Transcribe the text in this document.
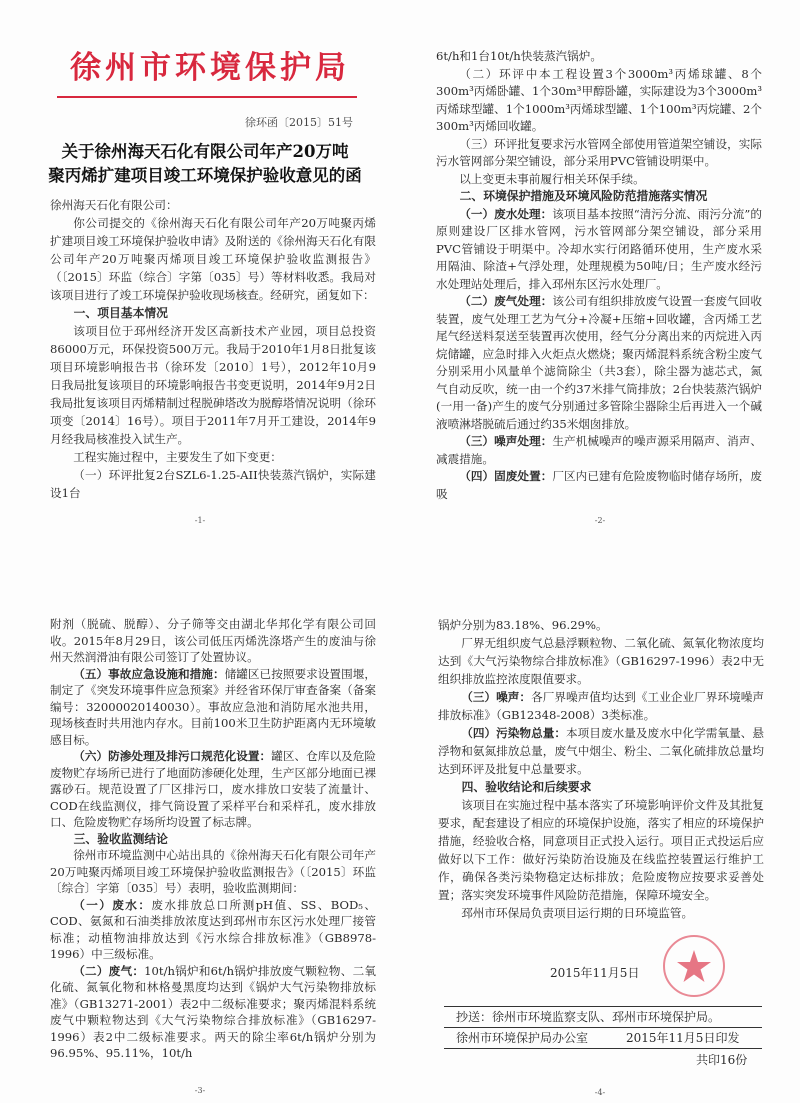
徐州市环境保护局
徐环函〔2015〕51号
关于徐州海天石化有限公司年产20万吨
聚丙烯扩建项目竣工环境保护验收意见的函

徐州海天石化有限公司：

你公司提交的《徐州海天石化有限公司年产20万吨聚丙烯扩建项目竣工环境保护验收申请》及附送的《徐州海天石化有限公司年产20万吨聚丙烯项目竣工环境保护验收监测报告》（〔2015〕环监（综合〕字第〔035〕号）等材料收悉。我局对该项目进行了竣工环境保护验收现场核查。经研究，函复如下：

一、项目基本情况

该项目位于邳州经济开发区高新技术产业园，项目总投资86000万元，环保投资500万元。我局于2010年1月8日批复该项目环境影响报告书（徐环发〔2010〕1号），2012年10月9日我局批复该项目的环境影响报告书变更说明，2014年9月2日我局批复该项目丙烯精制过程脱砷塔改为脱醇塔情况说明（徐环项变〔2014〕16号）。项目于2011年7月开工建设，2014年9月经我局核准投入试生产。

工程实施过程中，主要发生了如下变更：

（一）环评批复2台SZL6-1.25-AII快装蒸汽锅炉，实际建设1台

-1-

6t/h和1台10t/h快装蒸汽锅炉。

（二）环评中本工程设置3个3000m³丙烯球罐、8个300m³丙烯卧罐、1个30m³甲醇卧罐，实际建设为3个3000m³丙烯球型罐、1个1000m³丙烯球型罐、1个100m³丙烷罐、2个300m³丙烯回收罐。

（三）环评批复要求污水管网全部使用管道架空铺设，实际污水管网部分架空铺设，部分采用PVC管铺设明渠中。

以上变更未事前履行相关环保手续。

二、环境保护措施及环境风险防范措施落实情况

（一）废水处理：该项目基本按照“清污分流、雨污分流”的原则建设厂区排水管网，污水管网部分架空铺设，部分采用PVC管铺设于明渠中。冷却水实行闭路循环使用，生产废水采用隔油、除渣+气浮处理，处理规模为50吨/日；生产废水经污水处理站处理后，排入邳州东区污水处理厂。

（二）废气处理：该公司有组织排放废气设置一套废气回收装置，废气处理工艺为气分+冷凝+压缩+回收罐，含丙烯工艺尾气经送料泵送至装置再次使用，经气分分离出来的丙烷进入丙烷储罐，应急时排入火炬点火燃烧；聚丙烯混料系统含粉尘废气分别采用小风量单个滤筒除尘（共3套），除尘器为滤芯式，氮气自动反吹，统一由一个约37米排气筒排放；2台快装蒸汽锅炉(一用一备)产生的废气分别通过多管除尘器除尘后再进入一个碱液喷淋塔脱硫后通过约35米烟囱排放。

（三）噪声处理：生产机械噪声的噪声源采用隔声、消声、减震措施。

（四）固废处置：厂区内已建有危险废物临时储存场所，废吸

-2-

附剂（脱硫、脱醇）、分子筛等交由湖北华邦化学有限公司回收。2015年8月29日，该公司低压丙烯洗涤塔产生的废油与徐州天然润滑油有限公司签订了处置协议。

（五）事故应急设施和措施：储罐区已按照要求设置围堰，制定了《突发环境事件应急预案》并经省环保厅审查备案（备案编号：32000020140030）。事故应急池和消防尾水池共用，现场核查时共用池内存水。目前100米卫生防护距离内无环境敏感目标。

（六）防渗处理及排污口规范化设置：罐区、仓库以及危险废物贮存场所已进行了地面防渗硬化处理，生产区部分地面已裸露砂石。规范设置了厂区排污口，废水排放口安装了流量计、COD在线监测仪，排气筒设置了采样平台和采样孔，废水排放口、危险废物贮存场所均设置了标志牌。

三、验收监测结论

徐州市环境监测中心站出具的《徐州海天石化有限公司年产20万吨聚丙烯项目竣工环境保护验收监测报告》（〔2015〕环监〔综合〕字第〔035〕号）表明，验收监测期间：

（一）废水：废水排放总口所测pH值、SS、BOD₅、COD、氨氮和石油类排放浓度达到邳州市东区污水处理厂接管标准；动植物油排放达到《污水综合排放标准》（GB8978-1996）中三级标准。

（二）废气：10t/h锅炉和6t/h锅炉排放废气颗粒物、二氧化硫、氮氧化物和林格曼黑度均达到《锅炉大气污染物排放标准》（GB13271-2001）表2中二级标准要求；聚丙烯混料系统废气中颗粒物达到《大气污染物综合排放标准》（GB16297-1996）表2中二级标准要求。两天的除尘率6t/h锅炉分别为96.95%、95.11%，10t/h

-3-

锅炉分别为83.18%、96.29%。

厂界无组织废气总悬浮颗粒物、二氧化硫、氮氧化物浓度均达到《大气污染物综合排放标准》（GB16297-1996）表2中无组织排放监控浓度限值要求。

（三）噪声：各厂界噪声值均达到《工业企业厂界环境噪声排放标准》（GB12348-2008）3类标准。

（四）污染物总量：本项目废水量及废水中化学需氧量、悬浮物和氨氮排放总量，废气中烟尘、粉尘、二氧化硫排放总量均达到环评及批复中总量要求。

四、验收结论和后续要求

该项目在实施过程中基本落实了环境影响评价文件及其批复要求，配套建设了相应的环境保护设施，落实了相应的环境保护措施，经验收合格，同意项目正式投入运行。项目正式投运后应做好以下工作：做好污染防治设施及在线监控装置运行维护工作，确保各类污染物稳定达标排放；危险废物应按要求妥善处置；落实突发环境事件风险防范措施，保障环境安全。

邳州市环保局负责项目运行期的日环境监管。

2015年11月5日
抄送：徐州市环境监察支队、邳州市环境保护局。
徐州市环境保护局办公室	2015年11月5日印发
共印16份
-4-
